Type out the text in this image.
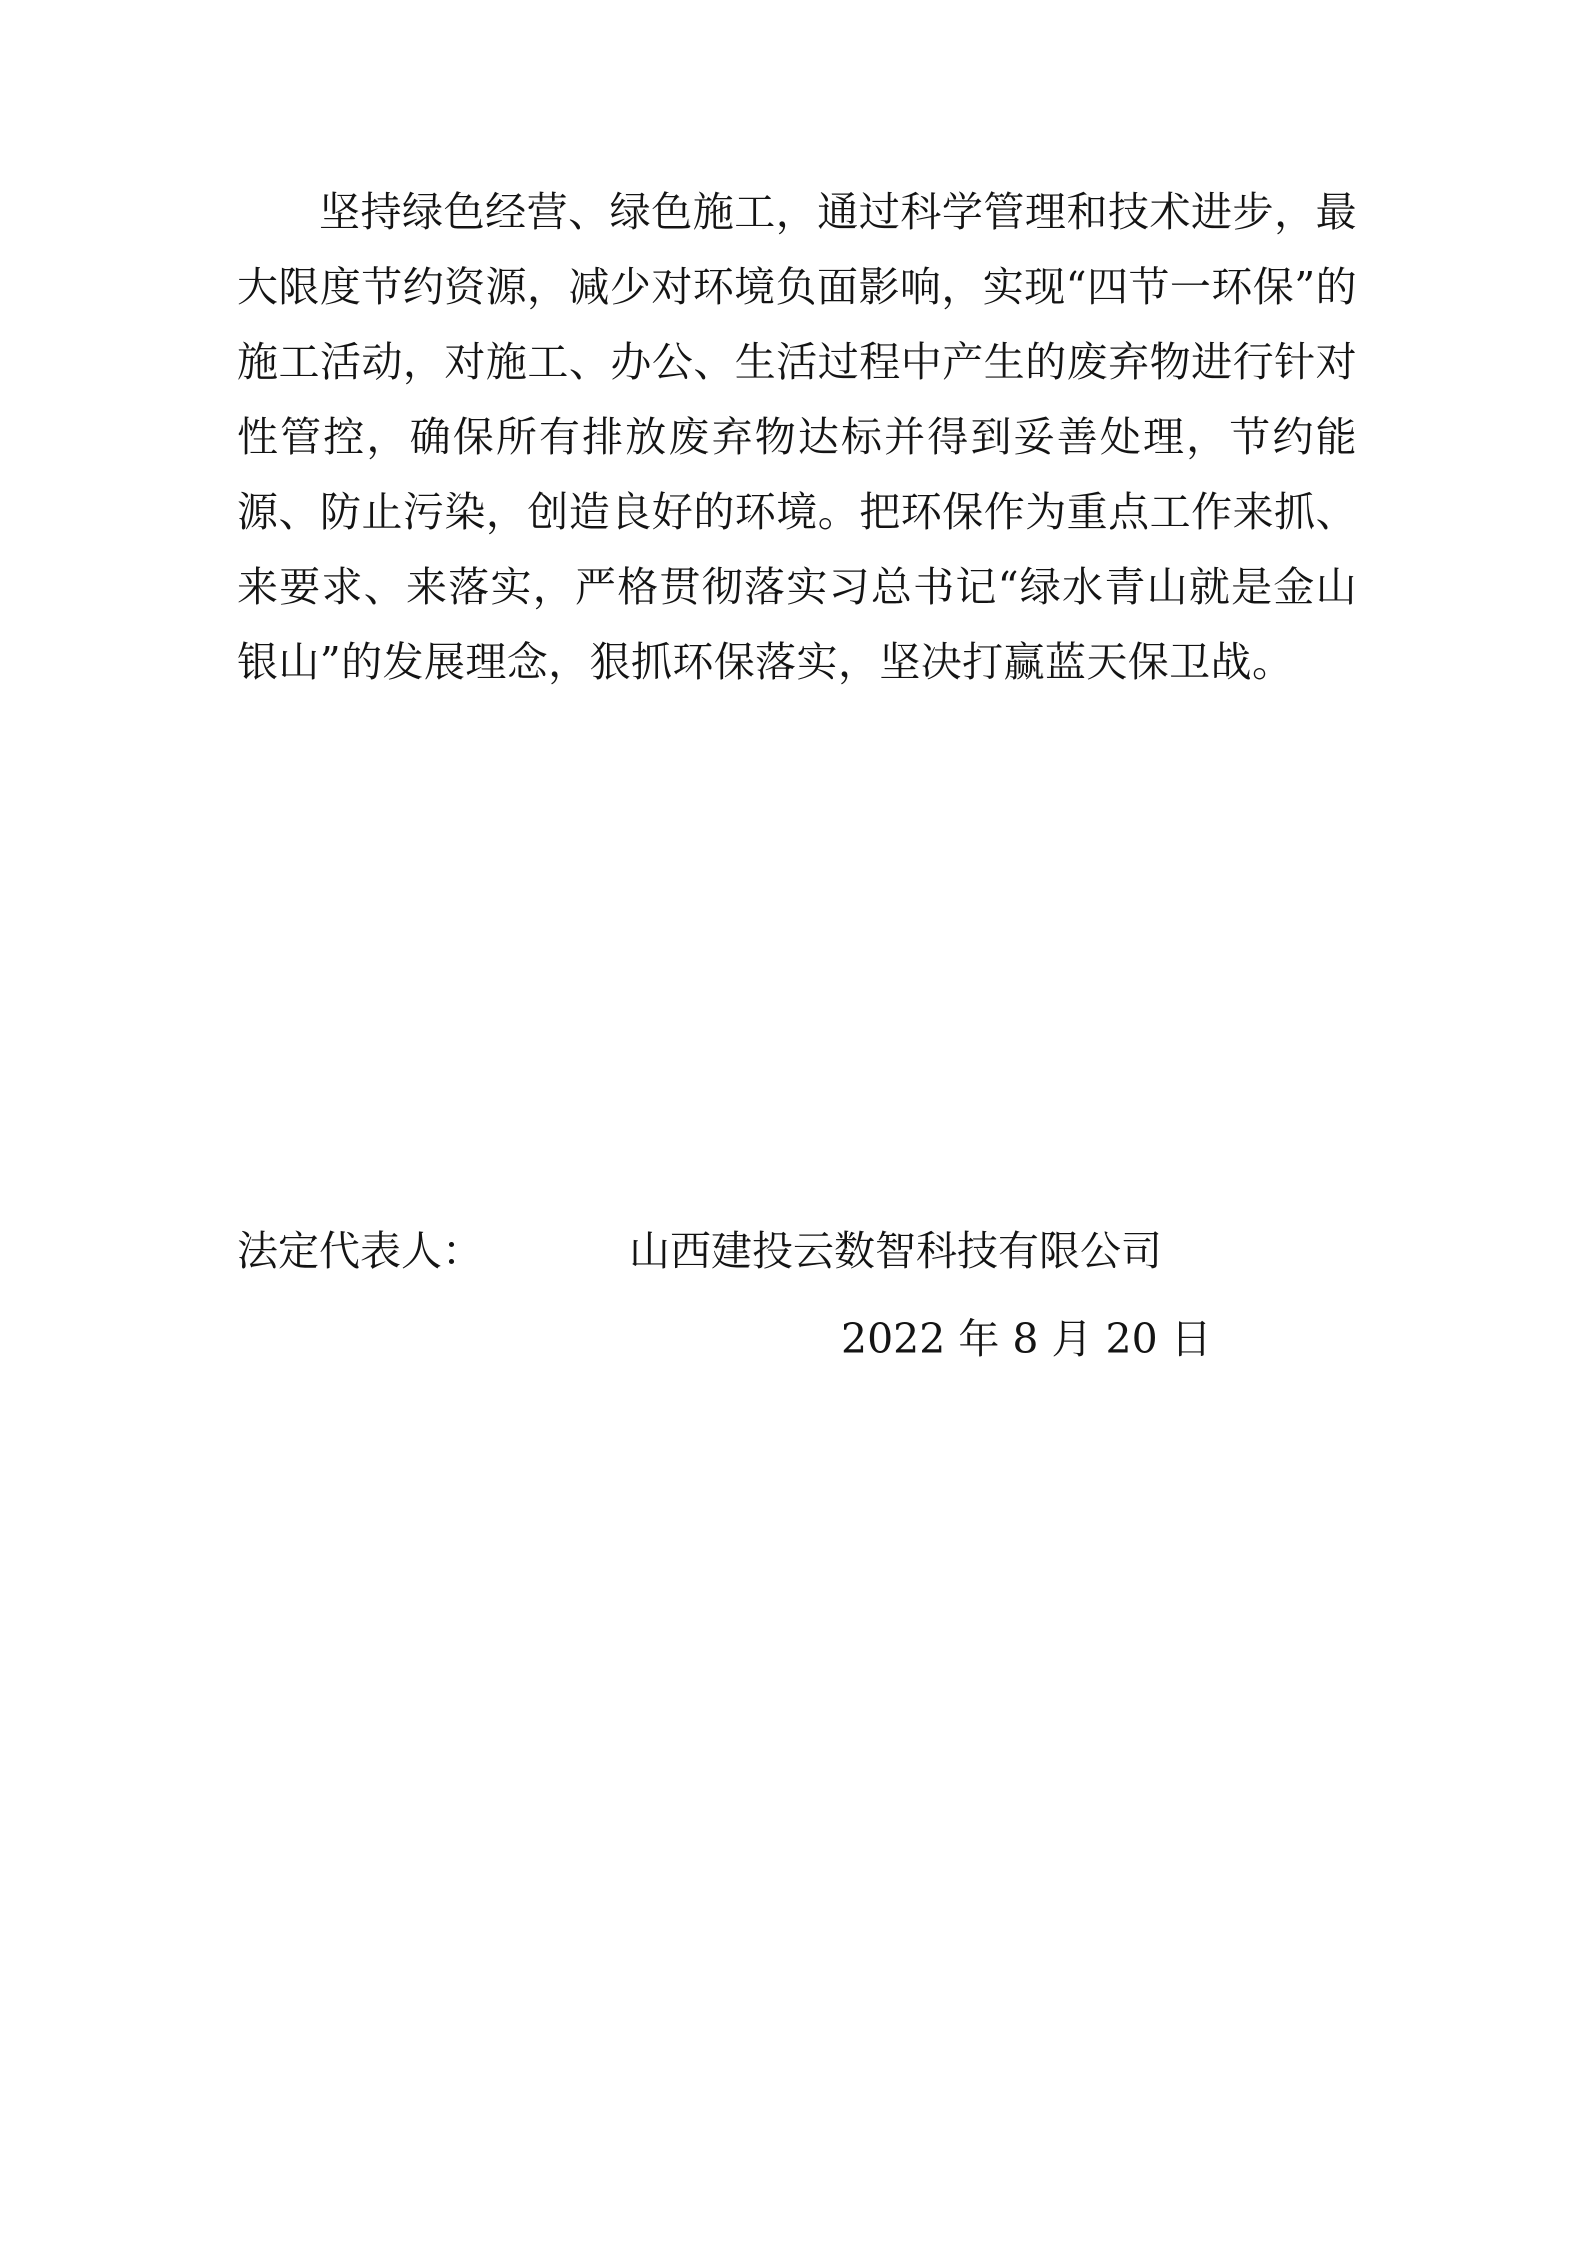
坚持绿色经营、绿色施工，通过科学管理和技术进步，最大限度节约资源，减少对环境负面影响，实现“四节一环保”的施工活动，对施工、办公、生活过程中产生的废弃物进行针对性管控，确保所有排放废弃物达标并得到妥善处理，节约能源、防止污染，创造良好的环境。把环保作为重点工作来抓、来要求、来落实，严格贯彻落实习总书记“绿水青山就是金山银山”的发展理念，狠抓环保落实，坚决打赢蓝天保卫战。

法定代表人：	山西建投云数智科技有限公司
2022 年 8 月 20 日
